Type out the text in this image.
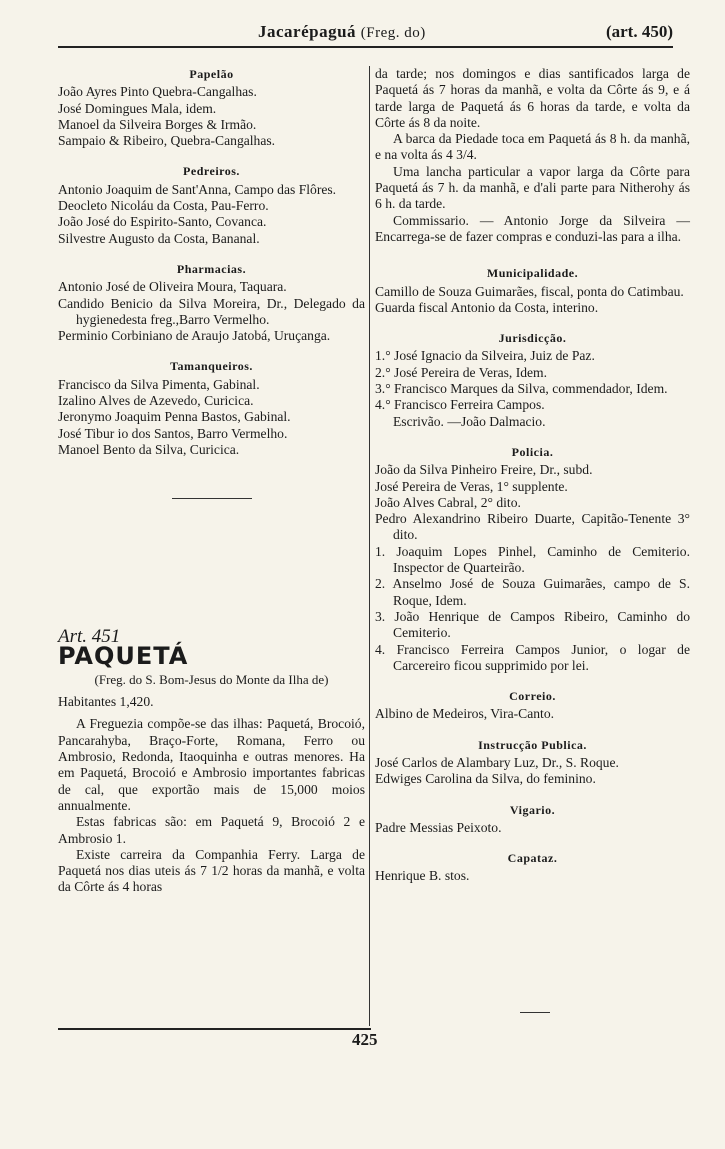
Jacarépaguá (Freg. do)	(art. 450)

Papelão

João Ayres Pinto Quebra-Cangalhas.

José Domingues Mala, idem.

Manoel da Silveira Borges & Irmão.

Sampaio & Ribeiro, Quebra-Cangalhas.

Pedreiros.

Antonio Joaquim de Sant'Anna, Campo das Flôres.

Deocleto Nicoláu da Costa, Pau-Ferro.

João José do Espirito-Santo, Covanca.

Silvestre Augusto da Costa, Bananal.

Pharmacias.

Antonio José de Oliveira Moura, Taquara.

Candido Benicio da Silva Moreira, Dr., Delegado da hygienedesta freg.,Barro Vermelho.

Perminio Corbiniano de Araujo Jatobá, Uruçanga.

Tamanqueiros.

Francisco da Silva Pimenta, Gabinal.

Izalino Alves de Azevedo, Curicica.

Jeronymo Joaquim Penna Bastos, Gabinal.

José Tibur io dos Santos, Barro Vermelho.

Manoel Bento da Silva, Curicica.

Art. 451
PAQUETÁ
(Freg. do S. Bom-Jesus do Monte da Ilha de)
Habitantes 1,420.

A Freguezia compõe-se das ilhas: Paquetá, Brocoió, Pancarahyba, Braço-Forte, Romana, Ferro ou Ambrosio, Redonda, Itaoquinha e outras menores. Ha em Paquetá, Brocoió e Ambrosio importantes fabricas de cal, que exportão mais de 15,000 moios annualmente.

Estas fabricas são: em Paquetá 9, Brocoió 2 e Ambrosio 1.

Existe carreira da Companhia Ferry. Larga de Paquetá nos dias uteis ás 7 1/2 horas da manhã, e volta da Côrte ás 4 horas

da tarde; nos domingos e dias santificados larga de Paquetá ás 7 horas da manhã, e volta da Côrte ás 9, e á tarde larga de Paquetá ás 6 horas da tarde, e volta da Côrte ás 8 da noite.

A barca da Piedade toca em Paquetá ás 8 h. da manhã, e na volta ás 4 3/4.

Uma lancha particular a vapor larga da Côrte para Paquetá ás 7 h. da manhã, e d'ali parte para Nitherohy ás 6 h. da tarde.

Commissario. — Antonio Jorge da Silveira — Encarrega-se de fazer compras e conduzi-las para a ilha.

Municipalidade.

Camillo de Souza Guimarães, fiscal, ponta do Catimbau.

Guarda fiscal Antonio da Costa, interino.

Jurisdicção.

1.° José Ignacio da Silveira, Juiz de Paz.

2.° José Pereira de Veras, Idem.

3.° Francisco Marques da Silva, commendador, Idem.

4.° Francisco Ferreira Campos.

Escrivão. —João Dalmacio.

Policia.

João da Silva Pinheiro Freire, Dr., subd.

José Pereira de Veras, 1° supplente.

João Alves Cabral, 2° dito.

Pedro Alexandrino Ribeiro Duarte, Capitão-Tenente 3° dito.

1. Joaquim Lopes Pinhel, Caminho de Cemiterio. Inspector de Quarteirão.

2. Anselmo José de Souza Guimarães, campo de S. Roque, Idem.

3. João Henrique de Campos Ribeiro, Caminho do Cemiterio.

4. Francisco Ferreira Campos Junior, o logar de Carcereiro ficou supprimido por lei.

Correio.

Albino de Medeiros, Vira-Canto.

Instrucção Publica.

José Carlos de Alambary Luz, Dr., S. Roque.

Edwiges Carolina da Silva, do feminino.

Vigario.

Padre Messias Peixoto.

Capataz.

Henrique B. stos.

425
